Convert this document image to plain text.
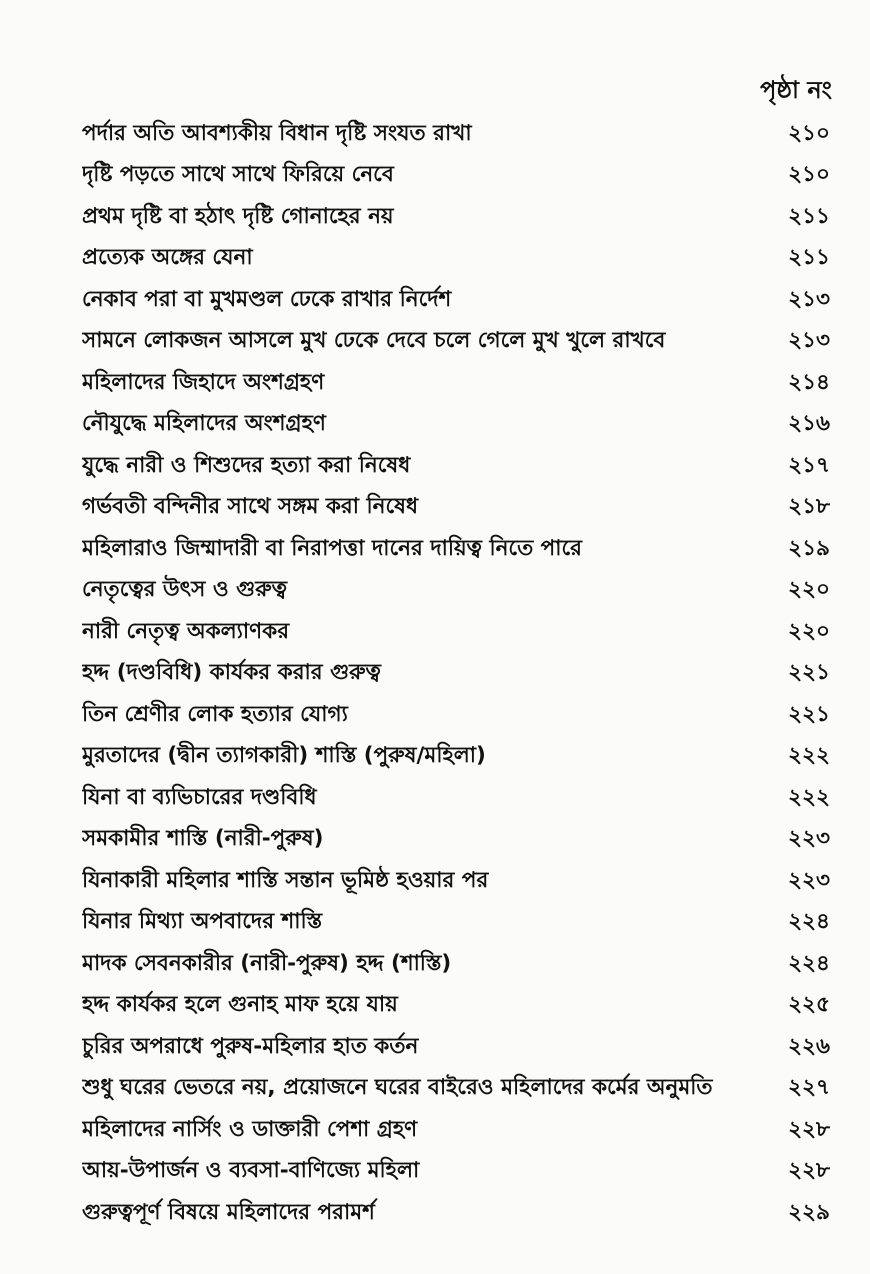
পৃষ্ঠা নং
পর্দার অতি আবশ্যকীয় বিধান দৃষ্টি সংযত রাখা	২১০
দৃষ্টি পড়তে সাথে সাথে ফিরিয়ে নেবে	২১০
প্রথম দৃষ্টি বা হঠাৎ দৃষ্টি গোনাহের নয়	২১১
প্রত্যেক অঙ্গের যেনা	২১১
নেকাব পরা বা মুখমণ্ডল ঢেকে রাখার নির্দেশ	২১৩
সামনে লোকজন আসলে মুখ ঢেকে দেবে চলে গেলে মুখ খুলে রাখবে	২১৩
মহিলাদের জিহাদে অংশগ্রহণ	২১৪
নৌযুদ্ধে মহিলাদের অংশগ্রহণ	২১৬
যুদ্ধে নারী ও শিশুদের হত্যা করা নিষেধ	২১৭
গর্ভবতী বন্দিনীর সাথে সঙ্গম করা নিষেধ	২১৮
মহিলারাও জিম্মাদারী বা নিরাপত্তা দানের দায়িত্ব নিতে পারে	২১৯
নেতৃত্বের উৎস ও গুরুত্ব	২২০
নারী নেতৃত্ব অকল্যাণকর	২২০
হদ্দ (দণ্ডবিধি) কার্যকর করার গুরুত্ব	২২১
তিন শ্রেণীর লোক হত্যার যোগ্য	২২১
মুরতাদের (দ্বীন ত্যাগকারী) শাস্তি (পুরুষ/মহিলা)	২২২
যিনা বা ব্যভিচারের দণ্ডবিধি	২২২
সমকামীর শাস্তি (নারী-পুরুষ)	২২৩
যিনাকারী মহিলার শাস্তি সন্তান ভূমিষ্ঠ হওয়ার পর	২২৩
যিনার মিথ্যা অপবাদের শাস্তি	২২৪
মাদক সেবনকারীর (নারী-পুরুষ) হদ্দ (শাস্তি)	২২৪
হদ্দ কার্যকর হলে গুনাহ মাফ হয়ে যায়	২২৫
চুরির অপরাধে পুরুষ-মহিলার হাত কর্তন	২২৬
শুধু ঘরের ভেতরে নয়, প্রয়োজনে ঘরের বাইরেও মহিলাদের কর্মের অনুমতি	২২৭
মহিলাদের নার্সিং ও ডাক্তারী পেশা গ্রহণ	২২৮
আয়-উপার্জন ও ব্যবসা-বাণিজ্যে মহিলা	২২৮
গুরুত্বপূর্ণ বিষয়ে মহিলাদের পরামর্শ	২২৯
